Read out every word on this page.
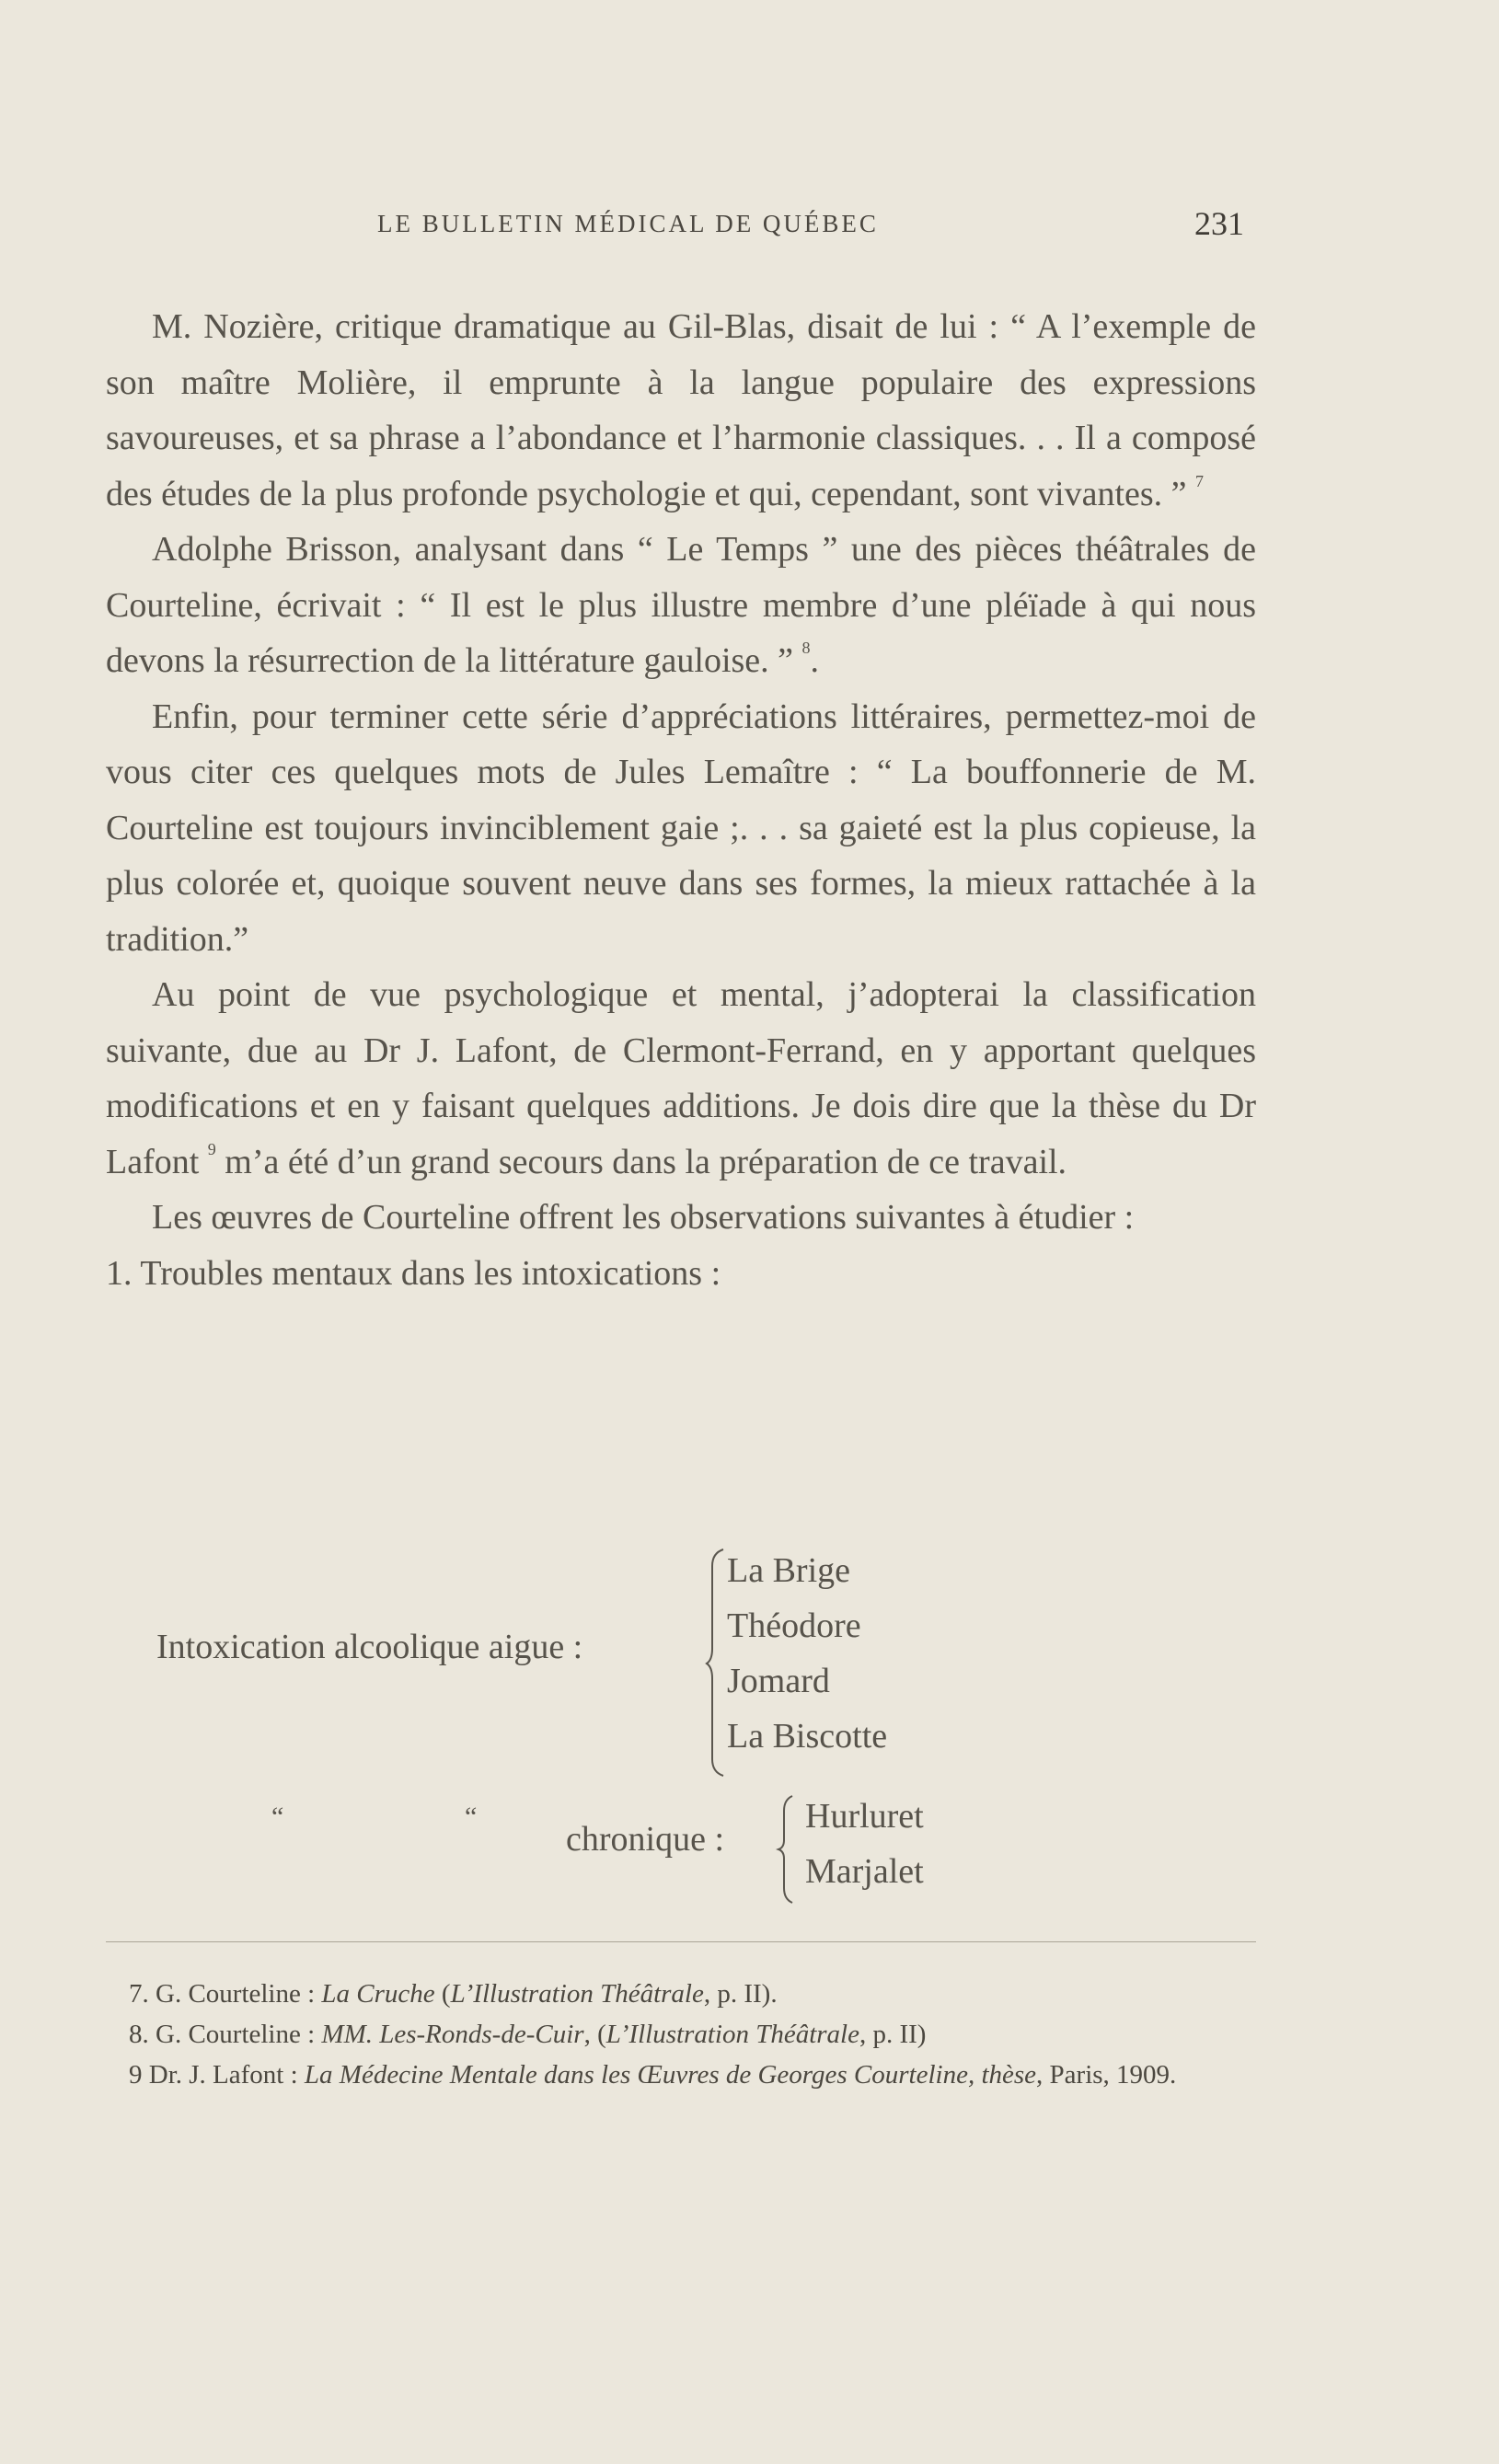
LE BULLETIN MÉDICAL DE QUÉBEC	231

M. Nozière, critique dramatique au Gil-Blas, disait de lui : “ A l’exemple de son maître Molière, il emprunte à la langue populaire des expressions savoureuses, et sa phrase a l’abondance et l’harmonie classiques. . . Il a composé des études de la plus profonde psychologie et qui, cependant, sont vivantes. ” $^7$

Adolphe Brisson, analysant dans “ Le Temps ” une des pièces théâtrales de Courteline, écrivait : “ Il est le plus illustre membre d’une pléïade à qui nous devons la résurrection de la littérature gauloise. ” $^8$.

Enfin, pour terminer cette série d’appréciations littéraires, permettez-moi de vous citer ces quelques mots de Jules Lemaître : “ La bouffonnerie de M. Courteline est toujours invinciblement gaie ;. . . sa gaieté est la plus copieuse, la plus colorée et, quoique souvent neuve dans ses formes, la mieux rattachée à la tradition.”

Au point de vue psychologique et mental, j’adopterai la classification suivante, due au Dr J. Lafont, de Clermont-Ferrand, en y apportant quelques modifications et en y faisant quelques additions. Je dois dire que la thèse du Dr Lafont $^9$ m’a été d’un grand secours dans la préparation de ce travail.

Les œuvres de Courteline offrent les observations suivantes à étudier :

1. Troubles mentaux dans les intoxications :

Intoxication alcoolique aigue :
La Brige
Théodore
Jomard
La Biscotte
“	“
chronique :
Hurluret
Marjalet

7. G. Courteline : La Cruche (L’Illustration Théâtrale, p. II).

8. G. Courteline : MM. Les-Ronds-de-Cuir, (L’Illustration Théâtrale, p. II)

9 Dr. J. Lafont : La Médecine Mentale dans les Œuvres de Georges Courteline, thèse, Paris, 1909.
